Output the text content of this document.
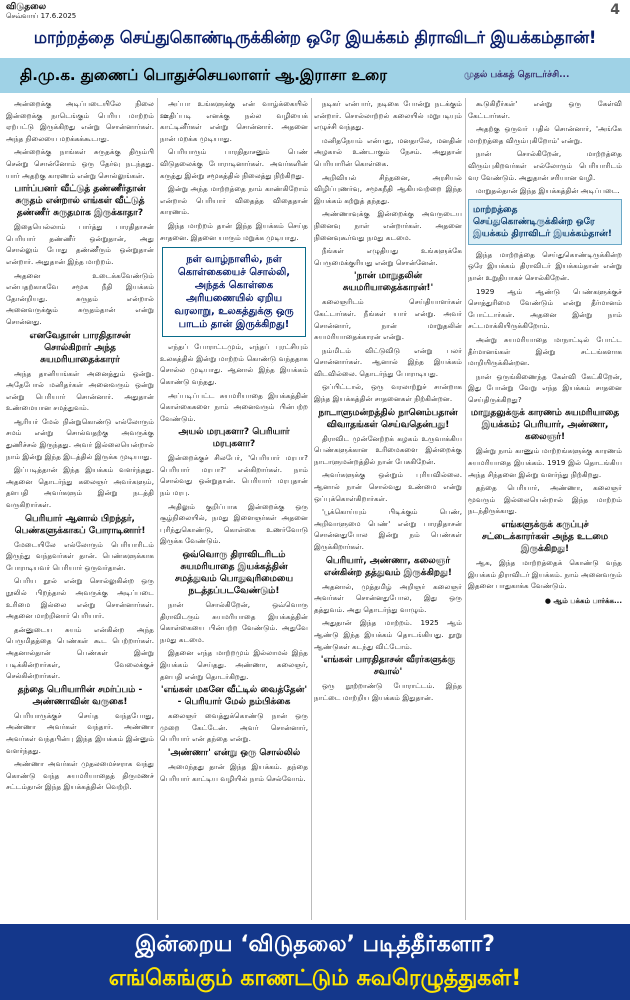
விடுதலை
செவ்வாய் 17.6.2025	4
மாற்றத்தை செய்துகொண்டிருக்கின்ற ஒரே இயக்கம் திராவிடர் இயக்கம்தான்!
தி.மு.க. துணைப் பொதுச்செயலாளர் ஆ.இராசா உரை	முதல் பக்கத் தொடர்ச்சி...

அன்றைக்கு அடிப்படையிலே நிலை இன்றைக்கு நாடெங்கும் பெரிய மாற்றம் ஏற்பட்டு இருக்கிறது என்று சொன்னார்கள். அந்த நிலையை மறக்கக்கூடாது.

அன்றைக்கு நாங்கள் சுருதக்கு திரும்பி சென்று சொன்னோம் ஒரு தேர்வு நடந்தது. யார் அதற்கு காரணம் என்று சொல்லுங்கள்.

பார்ப்பனர் வீட்டுத் தண்ணீர்தான் சுருதம் என்றால் எங்கள் வீட்டுத் தண்ணீர் சுருதமாக இருக்காதா?

இதையெல்லாம் பார்த்து பாரதிதாசன் பெரியார் தண்ணீர் ஒன்றுதான், அது சொல்லும் போது தண்ணீரும் ஒன்றுதான் என்றார். அதுதான் இந்த மாற்றம்.

அதனை உடைக்கவேண்டும் என்பதற்காகவே சமூக நீதி இயக்கம் தோன்றியது. சுருதம் என்றால் அனைவருக்கும் சுருதம்தான் என்று சொன்னது.

எனவேதான் பாரதிதாசன் சொல்கிறார் அந்த சுயமரியாதைக்காரர்

அந்த தானியங்கள் அனைத்தும் ஒன்று. அதேபோல் மனிதர்கள் அனைவரும் ஒன்று என்று பெரியார் சொன்னார். அதுதான் உண்மையான சமத்துவம்.

ஆரியர் மேல் நின்றுகொண்டு எல்லோரும் சமம் என்று சொல்வதற்கு அவருக்கு துணிச்சல் இருந்தது. அவர் இல்லையென்றால் நாம் இன்று இந்த இடத்தில் இருக்க முடியாது.

இப்படித்தான் இந்த இயக்கம் வளர்ந்தது. அதனை தொடர்ந்து கலைஞர் அவர்களும், தளபதி அவர்களும் இன்று நடத்தி வருகிறார்கள்.

பெரியார் ஆனால் பிறந்தர், பெண்களுக்காகப் போராடினார்!

மேடையிலே எல்லோரும் பெரியாரிடம் இருந்து வந்தவர்கள் தான். பெண்களுக்காக போராடியவர் பெரியார் ஒருவர்தான்.

பெரிய நூல் என்று சொல்லுகின்ற ஒரு நூலில் பிறந்தால் அவருக்கு அடிப்படை உரிமை இல்லை என்று சொன்னார்கள். அதனை மாற்றினார் பெரியார்.

தன்னுடைய சுயம் என்கின்ற அந்த பெருமிதத்தை பெண்கள் கூட பெற்றார்கள். அதனால்தான் பெண்கள் இன்று படிக்கின்றார்கள், வேலைக்குச் செல்கின்றார்கள்.

தந்தை பெரியாரின் சமர்ப்பம் - அண்ணாவின் வருகை!

பெரியாருக்குச் செய்த வந்தபோது, அண்ணா அவர்கள் வந்தார். அண்ணா அவர்கள் வந்தபின்பு இந்த இயக்கம் இன்னும் வளர்ந்தது.

அண்ணா அவர்கள் முதலமைச்சராக வந்து கொண்டு வந்த சுயமரியாதைத் திருமணச் சட்டம்தான் இந்த இயக்கத்தின் வெற்றி.

அப்பா உங்களுக்கு என் வாழ்க்கையில் ஊதிப்படி எனக்கு நல்ல வழியைக் காட்டினீர்கள் என்று சொன்னார். அதனை நான் மறக்க முடியாது.

பெரியாரும் பாரதிதாசனும் பெண் விடுதலைக்கு போராடினார்கள். அவர்களின் கருத்து இன்று சமூகத்தில் நிலைத்து நிற்கிறது.

இன்று அந்த மாற்றத்தை நாம் காண்கிறோம் என்றால் பெரியார் விதைத்த விதைதான் காரணம்.

இந்த மாற்றம் தான் இந்த இயக்கம் செய்த சாதனை. இதனை யாரும் மறுக்க முடியாது.

நள் வாழ்நாளில், நள் கொள்கையைச் சொல்லி, அந்தக் கொள்கை அரியணையில் ஏறிய வரலாறு, உலகத்துக்கு ஒரு பாடம் தான் இருக்கிறது!

எந்தப் போராட்டமும், எந்தப் புரட்சியும் உலகத்தில் இன்று மாற்றம் கொண்டு வந்ததாக சொல்ல முடியாது. ஆனால் இந்த இயக்கம் கொண்டு வந்தது.

அப்படிப்பட்ட சுயமரியாதை இயக்கத்தின் கொள்கைகளை நாம் அனைவரும் பின்பற்ற வேண்டும்.

அயல் மரபுகளா? பெரியார் மரபுகளா?

இன்றைக்குச் சிலபேர், 'பெரியார் மரபா? பெரியார் மரபா?' என்கிறார்கள். நாம் சொல்வது ஒன்றுதான். பெரியார் மரபுதான் நம் மரபு.

அதிலும் குறிப்பாக இன்றைக்கு ஒரு சூழ்நிலையில், நமது இளைஞர்கள் அதனை புரிந்துகொண்டு, கொள்கை உணர்வோடு இருக்க வேண்டும்.

ஒவ்வொரு திராவிடரிடம் சுயமரியாதை இயக்கத்தின் சமத்துவம் பொதுவுரிமையை நடத்தப்படவேண்டும்!

நான் சொல்கிறேன், ஒவ்வொரு திராவிடரும் சுயமரியாதை இயக்கத்தின் கொள்கையை பின்பற்ற வேண்டும். அதுவே நமது கடமை.

இதனை எந்த மாற்றமும் இல்லாமல் இந்த இயக்கம் செய்தது. அண்ணா, கலைஞர், தளபதி என்று தொடர்கிறது.

'எங்கள் மகனே வீட்டில் வைத்தேன்' - பெரியார் மேல் நம்பிக்கை

கலைஞர் வைத்துக்கொண்டு நான் ஒரு முறை கேட்டேன். அவர் சொன்னார், பெரியார் என் தந்தை என்று.

'அண்ணா' என்று ஒரு சொல்லில்

அமைந்தது தான் இந்த இயக்கம். தந்தை பெரியார் காட்டிய வழியில் நாம் செல்வோம்.

நடிகர் என்பார், நடிகை போன்று நடக்கும் என்றார். சொல்லாற்றல் கலையில் மறுபடியும் எழுச்சி வந்தது.

மனிதநேயம் என்பது, மனதாலே, மனதின் அழகால் உண்டாகும் நேசம். அதுதான் பெரியாரின் கொள்கை.

அறிவியல் சிந்தனை, அரசியல் விழிப்புணர்வு, சமூகநீதி ஆகியவற்றை இந்த இயக்கம் கற்றுத் தந்தது.

அண்ணாவுக்கு இன்றைக்கு அவருடைய நினைவு நாள் என்றார்கள். அதனை நினைவுகூர்வது நமது கடமை.

நீங்கள் எழுதியது உங்களுக்கே பெருமைக்குரியது என்று சொன்னேன்.

'நான் மாறுதலின் சுயமரியாதைக்காரன்!'

கலைஞரிடம் செய்தியாளர்கள் கேட்டார்கள். நீங்கள் யார் என்று. அவர் சொன்னார், நான் மாறுதலின் சுயமரியாதைக்காரன் என்று.

நம்மிடம் விட்டுவிடு என்று பலர் சொன்னார்கள். ஆனால் இந்த இயக்கம் விடவில்லை. தொடர்ந்து போராடியது.

ஒப்பிட்டால், ஒரு வரலாற்றுச் சான்றாக இந்த இயக்கத்தின் சாதனைகள் நிற்கின்றன.

நாடாளுமன்றத்தில் நானெம்பதான் விவாதங்கள் செய்வதென்பது!

திராவிட முன்னேற்றக் கழகம் உருவாக்கிய பெண்களுக்கான உரிமைகளை இன்றைக்கு நாடாளுமன்றத்தில் நான் பேசுகிறேன்.

அவர்களுக்கு ஒன்றும் புரியவில்லை. ஆனால் நான் சொல்வது உண்மை என்று ஒப்புக்கொள்கிறார்கள்.

'பூக்கொய்யும் பிடிக்கும் பெண், அறிவாளுமை பெண்' என்று பாரதிதாசன் சொன்னதுபோல இன்று நம் பெண்கள் இருக்கிறார்கள்.

பெரியார், அண்ணா, கலைஞர் என்கின்ற தத்துவம் இருக்கிறது!

அதனால், முத்தமிழ் அறிஞர் கலைஞர் அவர்கள் சொன்னதுபோல, இது ஒரு தத்துவம். அது தொடர்ந்து வாழும்.

அதுதான் இந்த மாற்றம். 1925 ஆம் ஆண்டு இந்த இயக்கம் தொடங்கியது. நூறு ஆண்டுகள் கடந்து விட்டோம்.

'எங்கள் பாரதிதாசன் வீரர்களுக்கு சவால்'

ஒரு நூற்றாண்டு போராட்டம். இந்த நாட்டை மாற்றிய இயக்கம் இதுதான்.

கூடுகிறீர்கள்' என்று ஒரு கேள்வி கேட்டார்கள்.

அதற்கு ஒருவர் பதில் சொன்னார், 'அங்கே மாற்றத்தை விரும்புகிறோம்' என்று.

நான் சொல்கிறேன், மாற்றத்தை விரும்புகிறவர்கள் எல்லோரும் பெரியாரிடம் வர வேண்டும். அதுதான் சரியான வழி.

மாறுதல்தான் இந்த இயக்கத்தின் அடிப்படை.

மாற்றத்தை செய்துகொண்டிருக்கின்ற ஒரே இயக்கம் திராவிடர் இயக்கம்தான்!

இந்த மாற்றத்தை செய்துகொண்டிருக்கின்ற ஒரே இயக்கம் திராவிடர் இயக்கம்தான் என்று நான் உறுதியாகச் சொல்கிறேன்.

1929 ஆம் ஆண்டு பெண்களுக்குச் சொத்துரிமை வேண்டும் என்று தீர்மானம் போட்டார்கள். அதனை இன்று நாம் சட்டமாக்கியிருக்கிறோம்.

அன்று சுயமரியாதை மாநாட்டில் போட்ட தீர்மானங்கள் இன்று சட்டங்களாக மாறியிருக்கின்றன.

நான் ஒருங்கிணைந்த கேள்வி கேட்கிறேன், இது போன்று வேறு எந்த இயக்கம் சாதனை செய்திருக்கிறது?

மாறுதலுக்குக் காரணம் சுயமரியாதை இயக்கம்; பெரியார், அண்ணா, கலைஞர்!

இன்று நாம் காணும் மாற்றங்களுக்கு காரணம் சுயமரியாதை இயக்கம். 1919 இல் தொடங்கிய அந்த சிந்தனை இன்று வளர்ந்து நிற்கிறது.

தந்தை பெரியார், அண்ணா, கலைஞர் மூவரும் இல்லையென்றால் இந்த மாற்றம் நடந்திருக்காது.

எங்களுக்குக் கருப்புச் சட்டைக்காரர்கள் அந்த உடமை இருக்கிறது!

ஆக, இந்த மாற்றத்தைக் கொண்டு வந்த இயக்கம் திராவிடர் இயக்கம். நாம் அனைவரும் இதனை பாதுகாக்க வேண்டும்.

● ஆம் பக்கம் பார்க்க...
இன்றைய ‘விடுதலை’ படித்தீர்களா?
எங்கெங்கும் காணட்டும் சுவரெழுத்துகள்!
